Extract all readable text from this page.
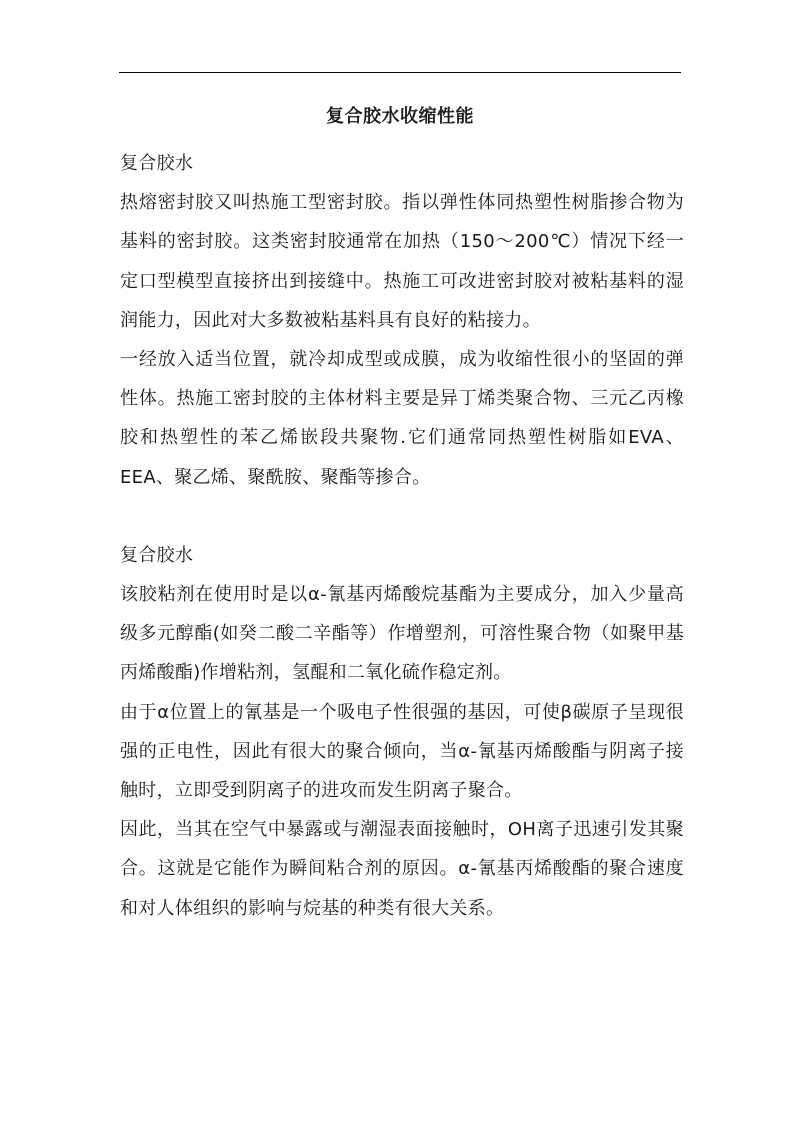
复合胶水收缩性能

复合胶水

热熔密封胶又叫热施工型密封胶。指以弹性体同热塑性树脂掺合物为基料的密封胶。这类密封胶通常在加热（150～200℃）情况下经一定口型模型直接挤出到接缝中。热施工可改进密封胶对被粘基料的湿润能力，因此对大多数被粘基料具有良好的粘接力。

一经放入适当位置，就冷却成型或成膜，成为收缩性很小的坚固的弹性体。热施工密封胶的主体材料主要是异丁烯类聚合物、三元乙丙橡胶和热塑性的苯乙烯嵌段共聚物.它们通常同热塑性树脂如EVA、EEA、聚乙烯、聚酰胺、聚酯等掺合。

复合胶水

该胶粘剂在使用时是以α-氰基丙烯酸烷基酯为主要成分，加入少量高级多元醇酯(如癸二酸二辛酯等）作增塑剂，可溶性聚合物（如聚甲基丙烯酸酯)作增粘剂，氢醌和二氧化硫作稳定剂。

由于α位置上的氰基是一个吸电子性很强的基因，可使β碳原子呈现很强的正电性，因此有很大的聚合倾向，当α-氰基丙烯酸酯与阴离子接触时，立即受到阴离子的进攻而发生阴离子聚合。

因此，当其在空气中暴露或与潮湿表面接触时，OH离子迅速引发其聚合。这就是它能作为瞬间粘合剂的原因。α-氰基丙烯酸酯的聚合速度和对人体组织的影响与烷基的种类有很大关系。
